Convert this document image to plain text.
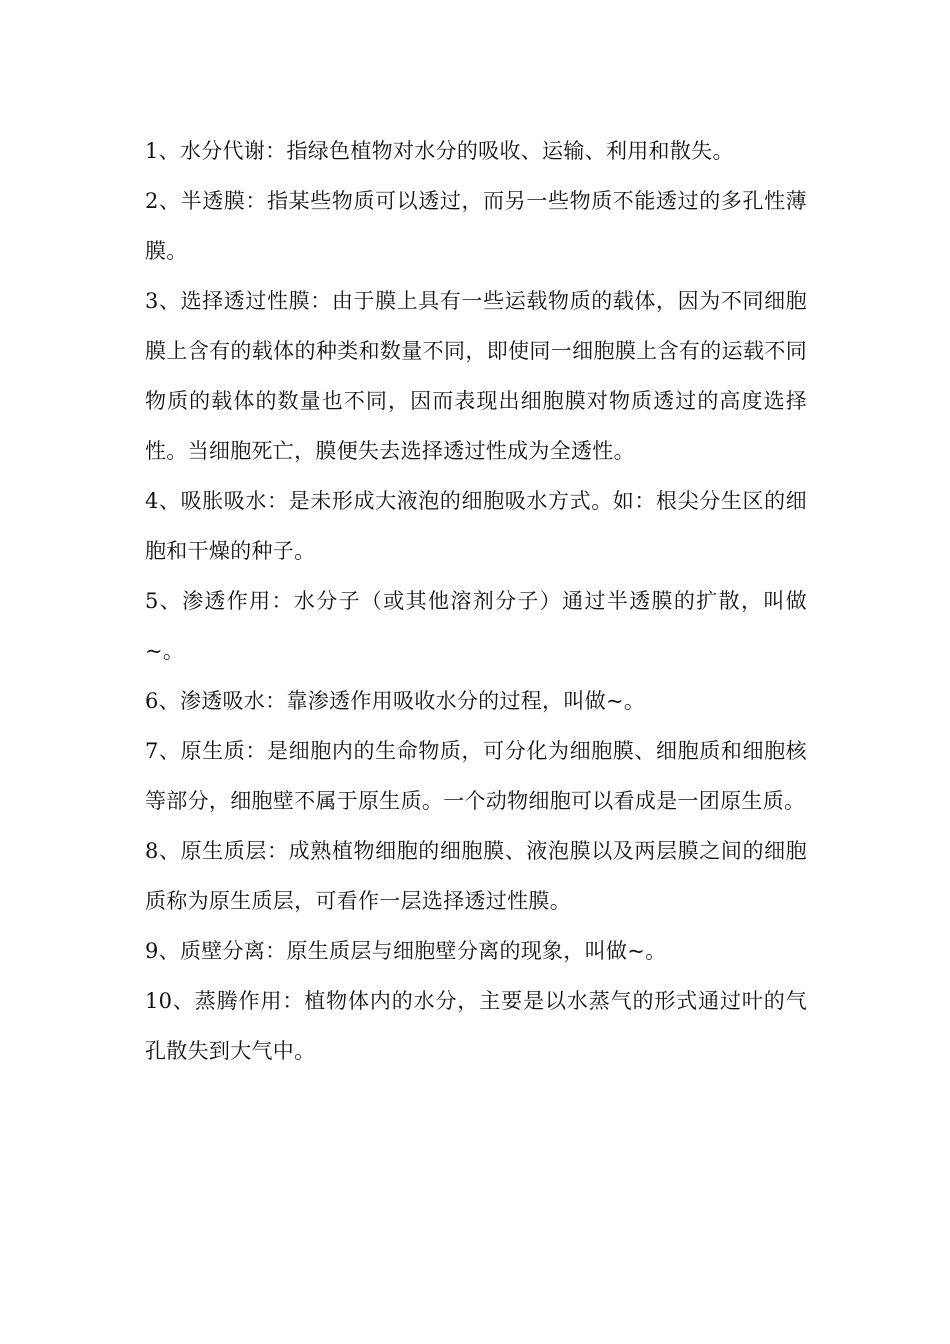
1、水分代谢：指绿色植物对水分的吸收、运输、利用和散失。

2、半透膜：指某些物质可以透过，而另一些物质不能透过的多孔性薄膜。

3、选择透过性膜：由于膜上具有一些运载物质的载体，因为不同细胞膜上含有的载体的种类和数量不同，即使同一细胞膜上含有的运载不同物质的载体的数量也不同，因而表现出细胞膜对物质透过的高度选择性。当细胞死亡，膜便失去选择透过性成为全透性。

4、吸胀吸水：是未形成大液泡的细胞吸水方式。如：根尖分生区的细胞和干燥的种子。

5、渗透作用：水分子（或其他溶剂分子）通过半透膜的扩散，叫做~。

6、渗透吸水：靠渗透作用吸收水分的过程，叫做~。

7、原生质：是细胞内的生命物质，可分化为细胞膜、细胞质和细胞核等部分，细胞壁不属于原生质。一个动物细胞可以看成是一团原生质。

8、原生质层：成熟植物细胞的细胞膜、液泡膜以及两层膜之间的细胞质称为原生质层，可看作一层选择透过性膜。

9、质壁分离：原生质层与细胞壁分离的现象，叫做~。

10、蒸腾作用：植物体内的水分，主要是以水蒸气的形式通过叶的气孔散失到大气中。
